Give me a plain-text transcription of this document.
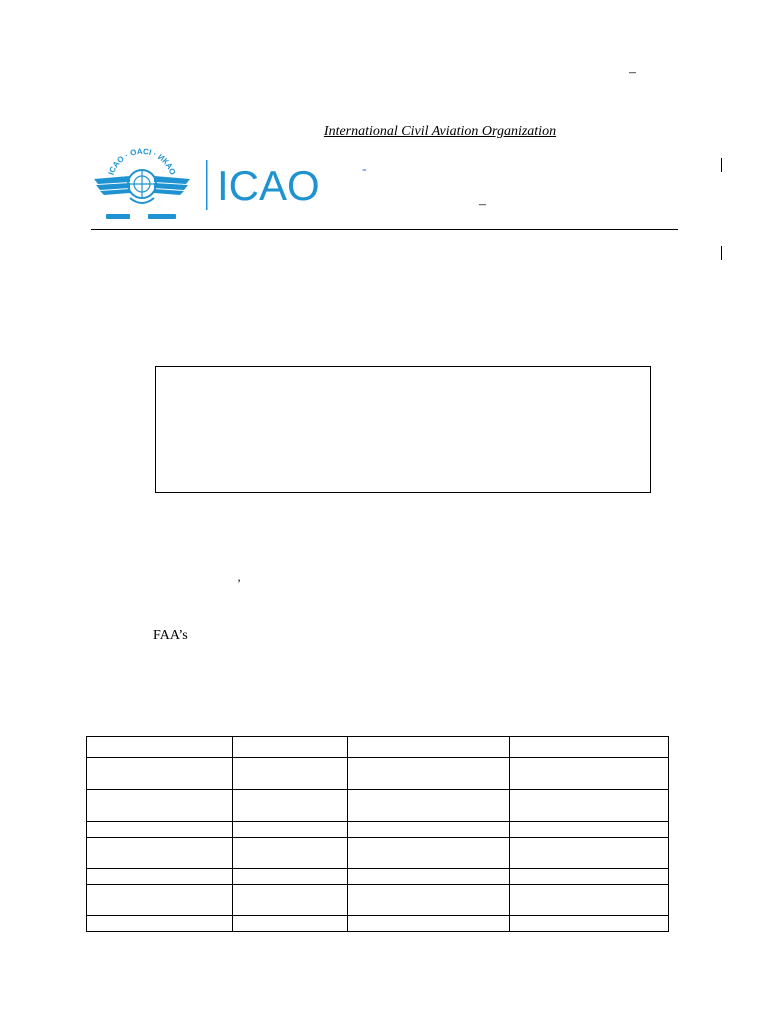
–
International Civil Aviation Organization
ICAO · OACI · ИКАО ICAO	-
–
’
FAA’s
